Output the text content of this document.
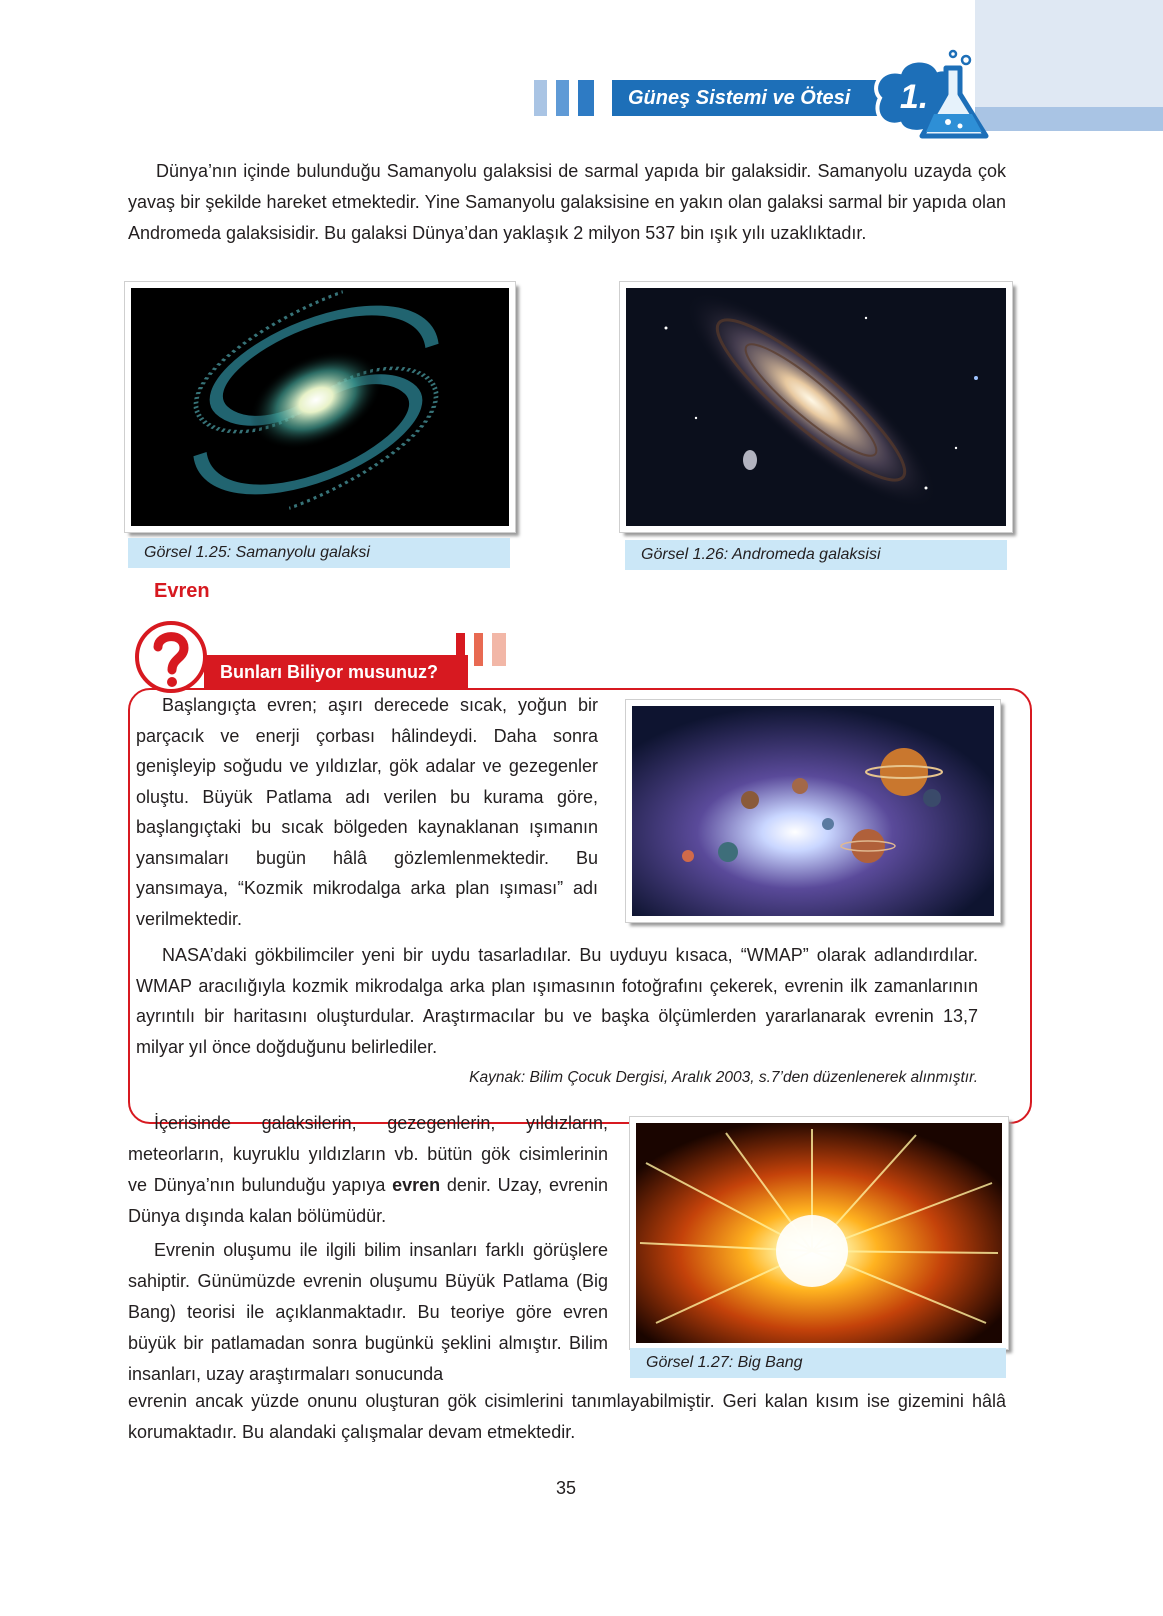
Güneş Sistemi ve Ötesi	1.
Dünya’nın içinde bulunduğu Samanyolu galaksisi de sarmal yapıda bir galaksidir. Samanyolu uzayda çok yavaş bir şekilde hareket etmektedir. Yine Samanyolu galaksisine en yakın olan galaksi sarmal bir yapıda olan Andromeda galaksisidir. Bu galaksi Dünya’dan yaklaşık 2 milyon 537 bin ışık yılı uzaklıktadır.
Görsel 1.25: Samanyolu galaksi	Görsel 1.26: Andromeda galaksisi
Evren
Bunları Biliyor musunuz?
Başlangıçta evren; aşırı derecede sıcak, yoğun bir parçacık ve enerji çorbası hâlindeydi. Daha sonra genişleyip soğudu ve yıldızlar, gök adalar ve gezegenler oluştu. Büyük Patlama adı verilen bu kurama göre, başlangıçtaki bu sıcak bölgeden kaynaklanan ışımanın yansımaları bugün hâlâ gözlemlenmektedir. Bu yansımaya, “Kozmik mikrodalga arka plan ışıması” adı verilmektedir.
NASA’daki gökbilimciler yeni bir uydu tasarladılar. Bu uyduyu kısaca, “WMAP” olarak adlandırdılar. WMAP aracılığıyla kozmik mikrodalga arka plan ışımasının fotoğrafını çekerek, evrenin ilk zamanlarının ayrıntılı bir haritasını oluşturdular. Araştırmacılar bu ve başka ölçümlerden yararlanarak evrenin 13,7 milyar yıl önce doğduğunu belirlediler.
Kaynak: Bilim Çocuk Dergisi, Aralık 2003, s.7’den düzenlenerek alınmıştır.
İçerisinde galaksilerin, gezegenlerin, yıldızların, meteorların, kuyruklu yıldızların vb. bütün gök cisimlerinin ve Dünya’nın bulunduğu yapıya evren denir. Uzay, evrenin Dünya dışında kalan bölümüdür.
Evrenin oluşumu ile ilgili bilim insanları farklı görüşlere sahiptir. Günümüzde evrenin oluşumu Büyük Patlama (Big Bang) teorisi ile açıklanmaktadır. Bu teoriye göre evren büyük bir patlamadan sonra bugünkü şeklini almıştır. Bilim insanları, uzay araştırmaları sonucunda
Görsel 1.27: Big Bang
evrenin ancak yüzde onunu oluşturan gök cisimlerini tanımlayabilmiştir. Geri kalan kısım ise gizemini hâlâ korumaktadır. Bu alandaki çalışmalar devam etmektedir.
35
